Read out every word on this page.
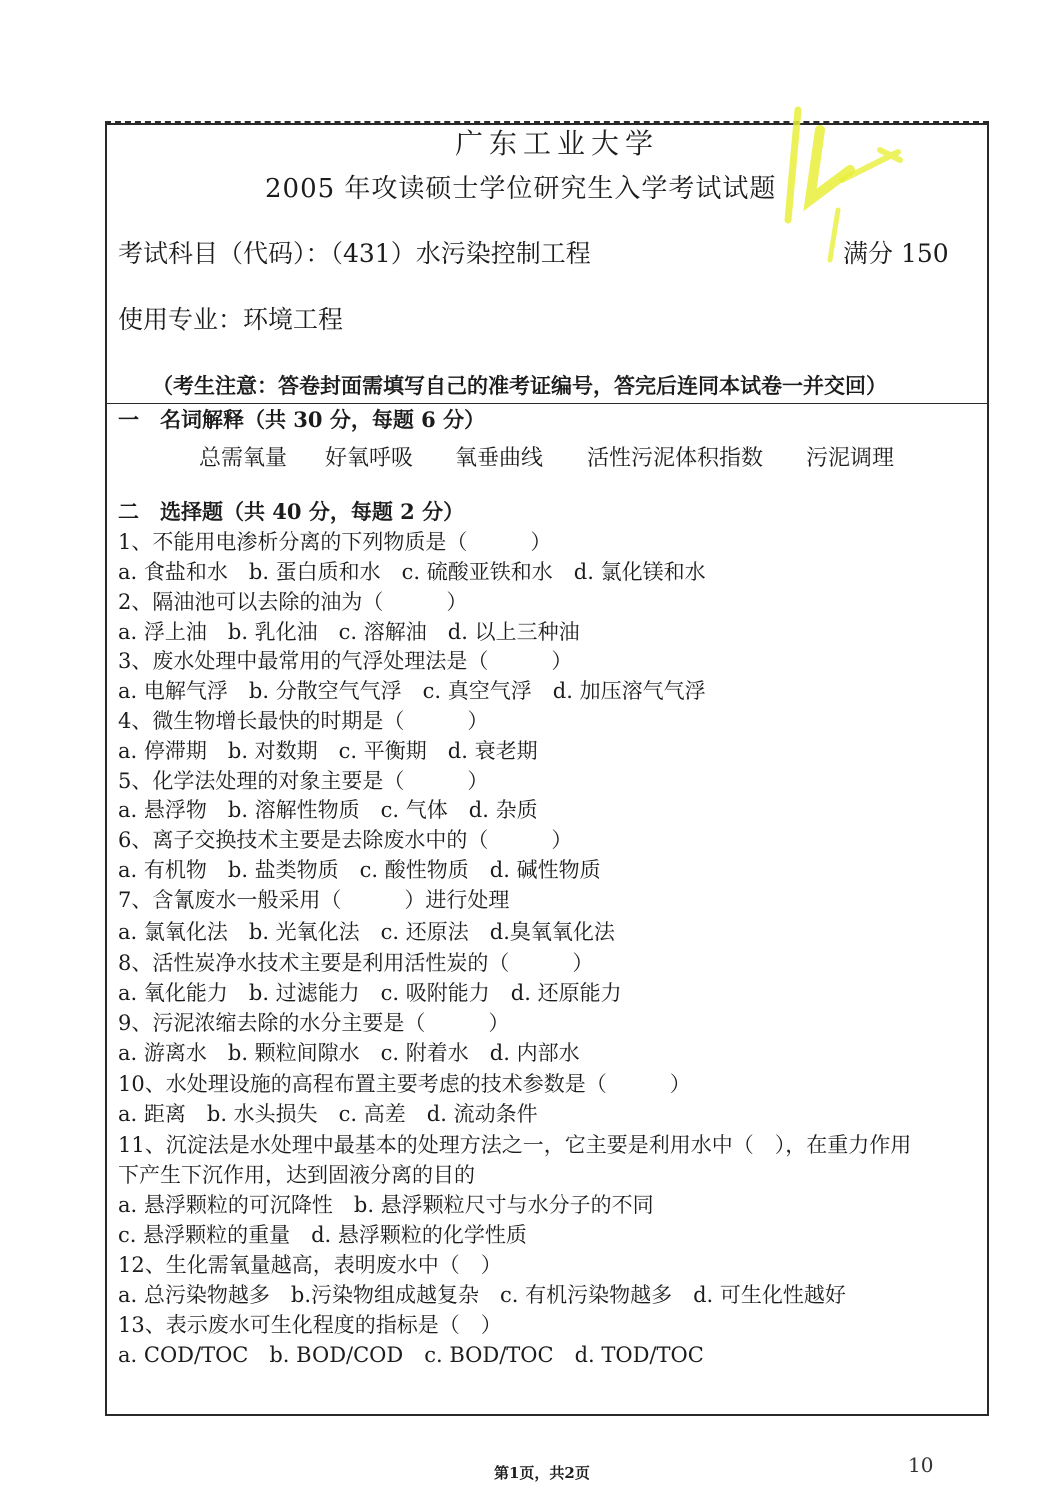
广东工业大学
2005 年攻读硕士学位研究生入学考试试题
考试科目（代码）：（431）水污染控制工程	满分 150
使用专业：环境工程
（考生注意：答卷封面需填写自己的准考证编号，答完后连同本试卷一并交回）
一　名词解释（共 30 分，每题 6 分）
总需氧量 好氧呼吸 氧垂曲线 活性污泥体积指数 污泥调理
二　选择题（共 40 分，每题 2 分）
1、不能用电渗析分离的下列物质是（　　　）
a. 食盐和水　b. 蛋白质和水　c. 硫酸亚铁和水　d. 氯化镁和水
2、隔油池可以去除的油为（　　　）
a. 浮上油　b. 乳化油　c. 溶解油　d. 以上三种油
3、废水处理中最常用的气浮处理法是（　　　）
a. 电解气浮　b. 分散空气气浮　c. 真空气浮　d. 加压溶气气浮
4、微生物增长最快的时期是（　　　）
a. 停滞期　b. 对数期　c. 平衡期　d. 衰老期
5、化学法处理的对象主要是（　　　）
a. 悬浮物　b. 溶解性物质　c. 气体　d. 杂质
6、离子交换技术主要是去除废水中的（　　　）
a. 有机物　b. 盐类物质　c. 酸性物质　d. 碱性物质
7、含氰废水一般采用（　　　）进行处理
a. 氯氧化法　b. 光氧化法　c. 还原法　d.臭氧氧化法
8、活性炭净水技术主要是利用活性炭的（　　　）
a. 氧化能力　b. 过滤能力　c. 吸附能力　d. 还原能力
9、污泥浓缩去除的水分主要是（　　　）
a. 游离水　b. 颗粒间隙水　c. 附着水　d. 内部水
10、水处理设施的高程布置主要考虑的技术参数是（　　　）
a. 距离　b. 水头损失　c. 高差　d. 流动条件
11、沉淀法是水处理中最基本的处理方法之一，它主要是利用水中（　），在重力作用
下产生下沉作用，达到固液分离的目的
a. 悬浮颗粒的可沉降性　b. 悬浮颗粒尺寸与水分子的不同
c. 悬浮颗粒的重量　d. 悬浮颗粒的化学性质
12、生化需氧量越高，表明废水中（　）
a. 总污染物越多　b.污染物组成越复杂　c. 有机污染物越多　d. 可生化性越好
13、表示废水可生化程度的指标是（　）
a. COD/TOC　b. BOD/COD　c. BOD/TOC　d. TOD/TOC
第1页，共2页	10
